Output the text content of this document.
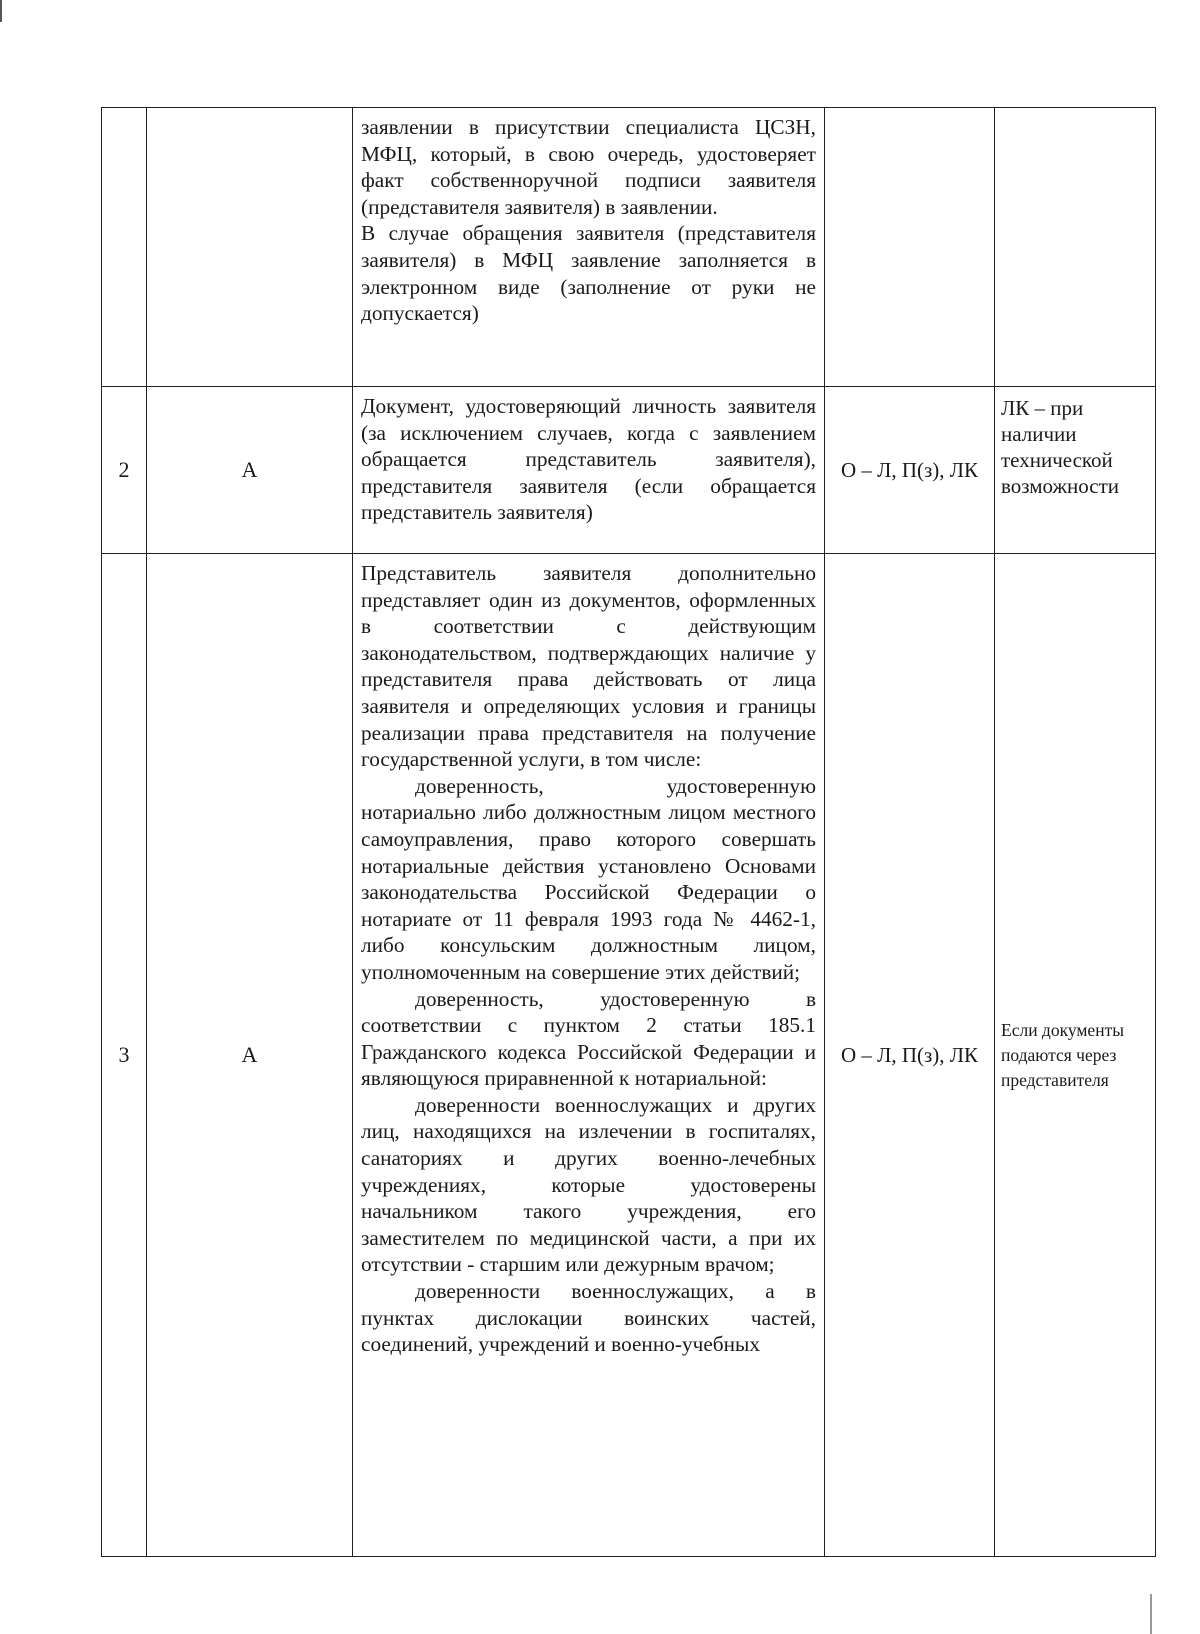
		заявлении в присутствии специалиста ЦСЗН, МФЦ, который, в свою очередь, удостоверяет факт собственноручной подписи заявителя (представителя заявителя) в заявлении.

В случае обращения заявителя (представителя заявителя) в МФЦ заявление заполняется в электронном виде (заполнение от руки не допускается)		

2	А	Документ, удостоверяющий личность заявителя (за исключением случаев, когда с заявлением обращается представитель заявителя), представителя заявителя (если обращается представитель заявителя)	О – Л, П(з), ЛК	ЛК – при наличии технической возможности
3	А	Представитель заявителя дополнительно представляет один из документов, оформленных в соответствии с действующим законодательством, подтверждающих наличие у представителя права действовать от лица заявителя и определяющих условия и границы реализации права представителя на получение государственной услуги, в том числе:

доверенность, удостоверенную нотариально либо должностным лицом местного самоуправления, право которого совершать нотариальные действия установлено Основами законодательства Российской Федерации о нотариате от 11 февраля 1993 года № 4462-1, либо консульским должностным лицом, уполномоченным на совершение этих действий;

доверенность, удостоверенную в соответствии с пунктом 2 статьи 185.1 Гражданского кодекса Российской Федерации и являющуюся приравненной к нотариальной:

доверенности военнослужащих и других лиц, находящихся на излечении в госпиталях, санаториях и других военно-лечебных учреждениях, которые удостоверены начальником такого учреждения, его заместителем по медицинской части, а при их отсутствии - старшим или дежурным врачом;

доверенности военнослужащих, а в пунктах дислокации воинских частей, соединений, учреждений и военно-учебных	О – Л, П(з), ЛК	Если документы подаются через представителя
